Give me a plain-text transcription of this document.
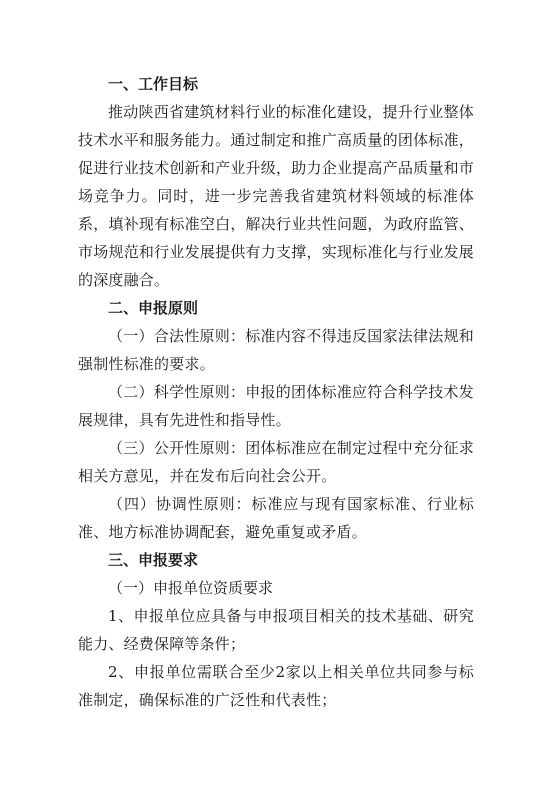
一、工作目标

推动陕西省建筑材料行业的标准化建设，提升行业整体技术水平和服务能力。通过制定和推广高质量的团体标准，促进行业技术创新和产业升级，助力企业提高产品质量和市场竞争力。同时，进一步完善我省建筑材料领域的标准体系，填补现有标准空白，解决行业共性问题，为政府监管、市场规范和行业发展提供有力支撑，实现标准化与行业发展的深度融合。

二、申报原则

（一）合法性原则：标准内容不得违反国家法律法规和强制性标准的要求。

（二）科学性原则：申报的团体标准应符合科学技术发展规律，具有先进性和指导性。

（三）公开性原则：团体标准应在制定过程中充分征求相关方意见，并在发布后向社会公开。

（四）协调性原则：标准应与现有国家标准、行业标准、地方标准协调配套，避免重复或矛盾。

三、申报要求
（一）申报单位资质要求

1、申报单位应具备与申报项目相关的技术基础、研究能力、经费保障等条件；

2、申报单位需联合至少2家以上相关单位共同参与标准制定，确保标准的广泛性和代表性；
